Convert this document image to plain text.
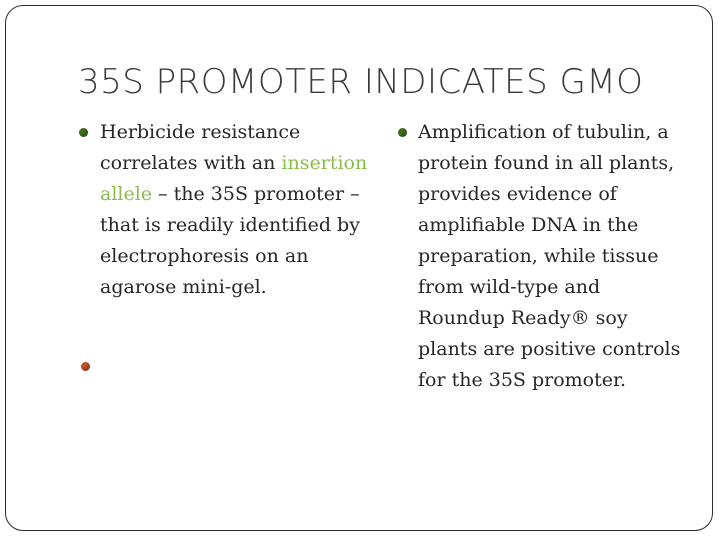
35S PROMOTER INDICATES GMO
Herbicide resistance
correlates with an insertion
allele – the 35S promoter –
that is readily identified by
electrophoresis on an
agarose mini-gel.
Amplification of tubulin, a
protein found in all plants,
provides evidence of
amplifiable DNA in the
preparation, while tissue
from wild-type and
Roundup Ready® soy
plants are positive controls
for the 35S promoter.
